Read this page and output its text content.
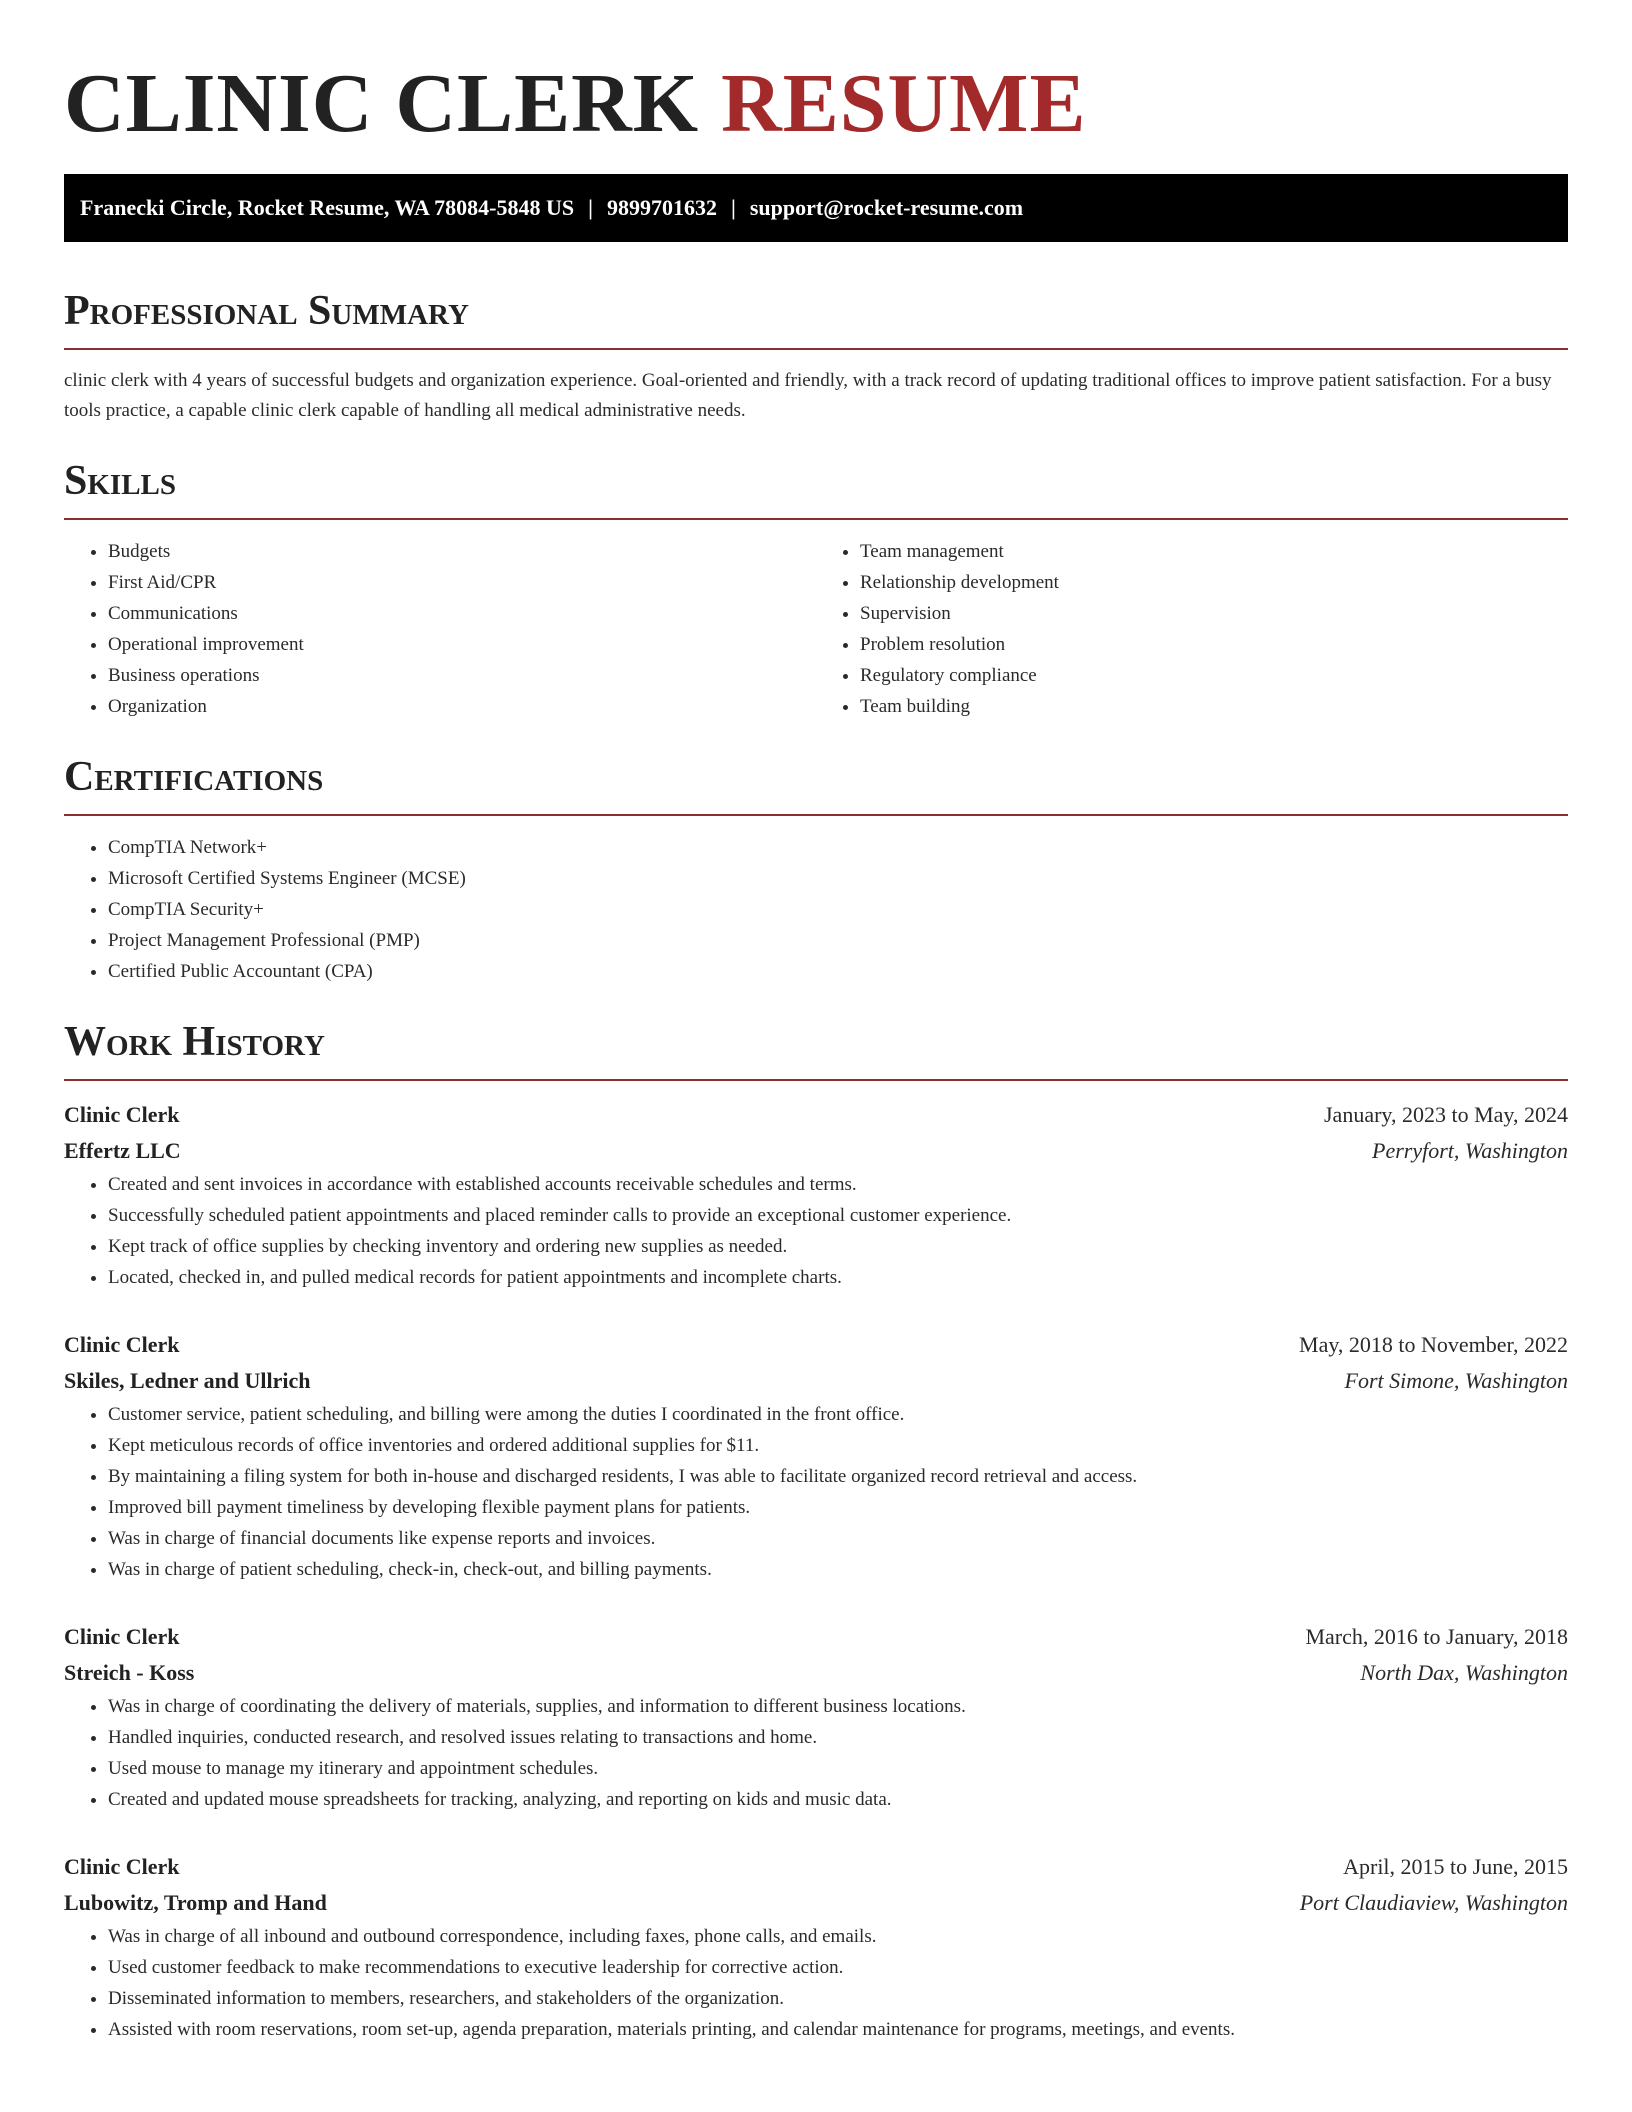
CLINIC CLERK RESUME
Franecki Circle, Rocket Resume, WA 78084-5848 US | 9899701632 | support@rocket-resume.com
Professional Summary

clinic clerk with 4 years of successful budgets and organization experience. Goal-oriented and friendly, with a track record of updating traditional offices to improve patient satisfaction. For a busy tools practice, a capable clinic clerk capable of handling all medical administrative needs.

Skills
• Budgets
• First Aid/CPR
• Communications
• Operational improvement
• Business operations
• Organization
• Team management
• Relationship development
• Supervision
• Problem resolution
• Regulatory compliance
• Team building
Certifications
• CompTIA Network+
• Microsoft Certified Systems Engineer (MCSE)
• CompTIA Security+
• Project Management Professional (PMP)
• Certified Public Accountant (CPA)
Work History
Clinic Clerk	January, 2023 to May, 2024
Effertz LLC	Perryfort, Washington
• Created and sent invoices in accordance with established accounts receivable schedules and terms.
• Successfully scheduled patient appointments and placed reminder calls to provide an exceptional customer experience.
• Kept track of office supplies by checking inventory and ordering new supplies as needed.
• Located, checked in, and pulled medical records for patient appointments and incomplete charts.
Clinic Clerk	May, 2018 to November, 2022
Skiles, Ledner and Ullrich	Fort Simone, Washington
• Customer service, patient scheduling, and billing were among the duties I coordinated in the front office.
• Kept meticulous records of office inventories and ordered additional supplies for $11.
• By maintaining a filing system for both in-house and discharged residents, I was able to facilitate organized record retrieval and access.
• Improved bill payment timeliness by developing flexible payment plans for patients.
• Was in charge of financial documents like expense reports and invoices.
• Was in charge of patient scheduling, check-in, check-out, and billing payments.
Clinic Clerk	March, 2016 to January, 2018
Streich - Koss	North Dax, Washington
• Was in charge of coordinating the delivery of materials, supplies, and information to different business locations.
• Handled inquiries, conducted research, and resolved issues relating to transactions and home.
• Used mouse to manage my itinerary and appointment schedules.
• Created and updated mouse spreadsheets for tracking, analyzing, and reporting on kids and music data.
Clinic Clerk	April, 2015 to June, 2015
Lubowitz, Tromp and Hand	Port Claudiaview, Washington
• Was in charge of all inbound and outbound correspondence, including faxes, phone calls, and emails.
• Used customer feedback to make recommendations to executive leadership for corrective action.
• Disseminated information to members, researchers, and stakeholders of the organization.
• Assisted with room reservations, room set-up, agenda preparation, materials printing, and calendar maintenance for programs, meetings, and events.
